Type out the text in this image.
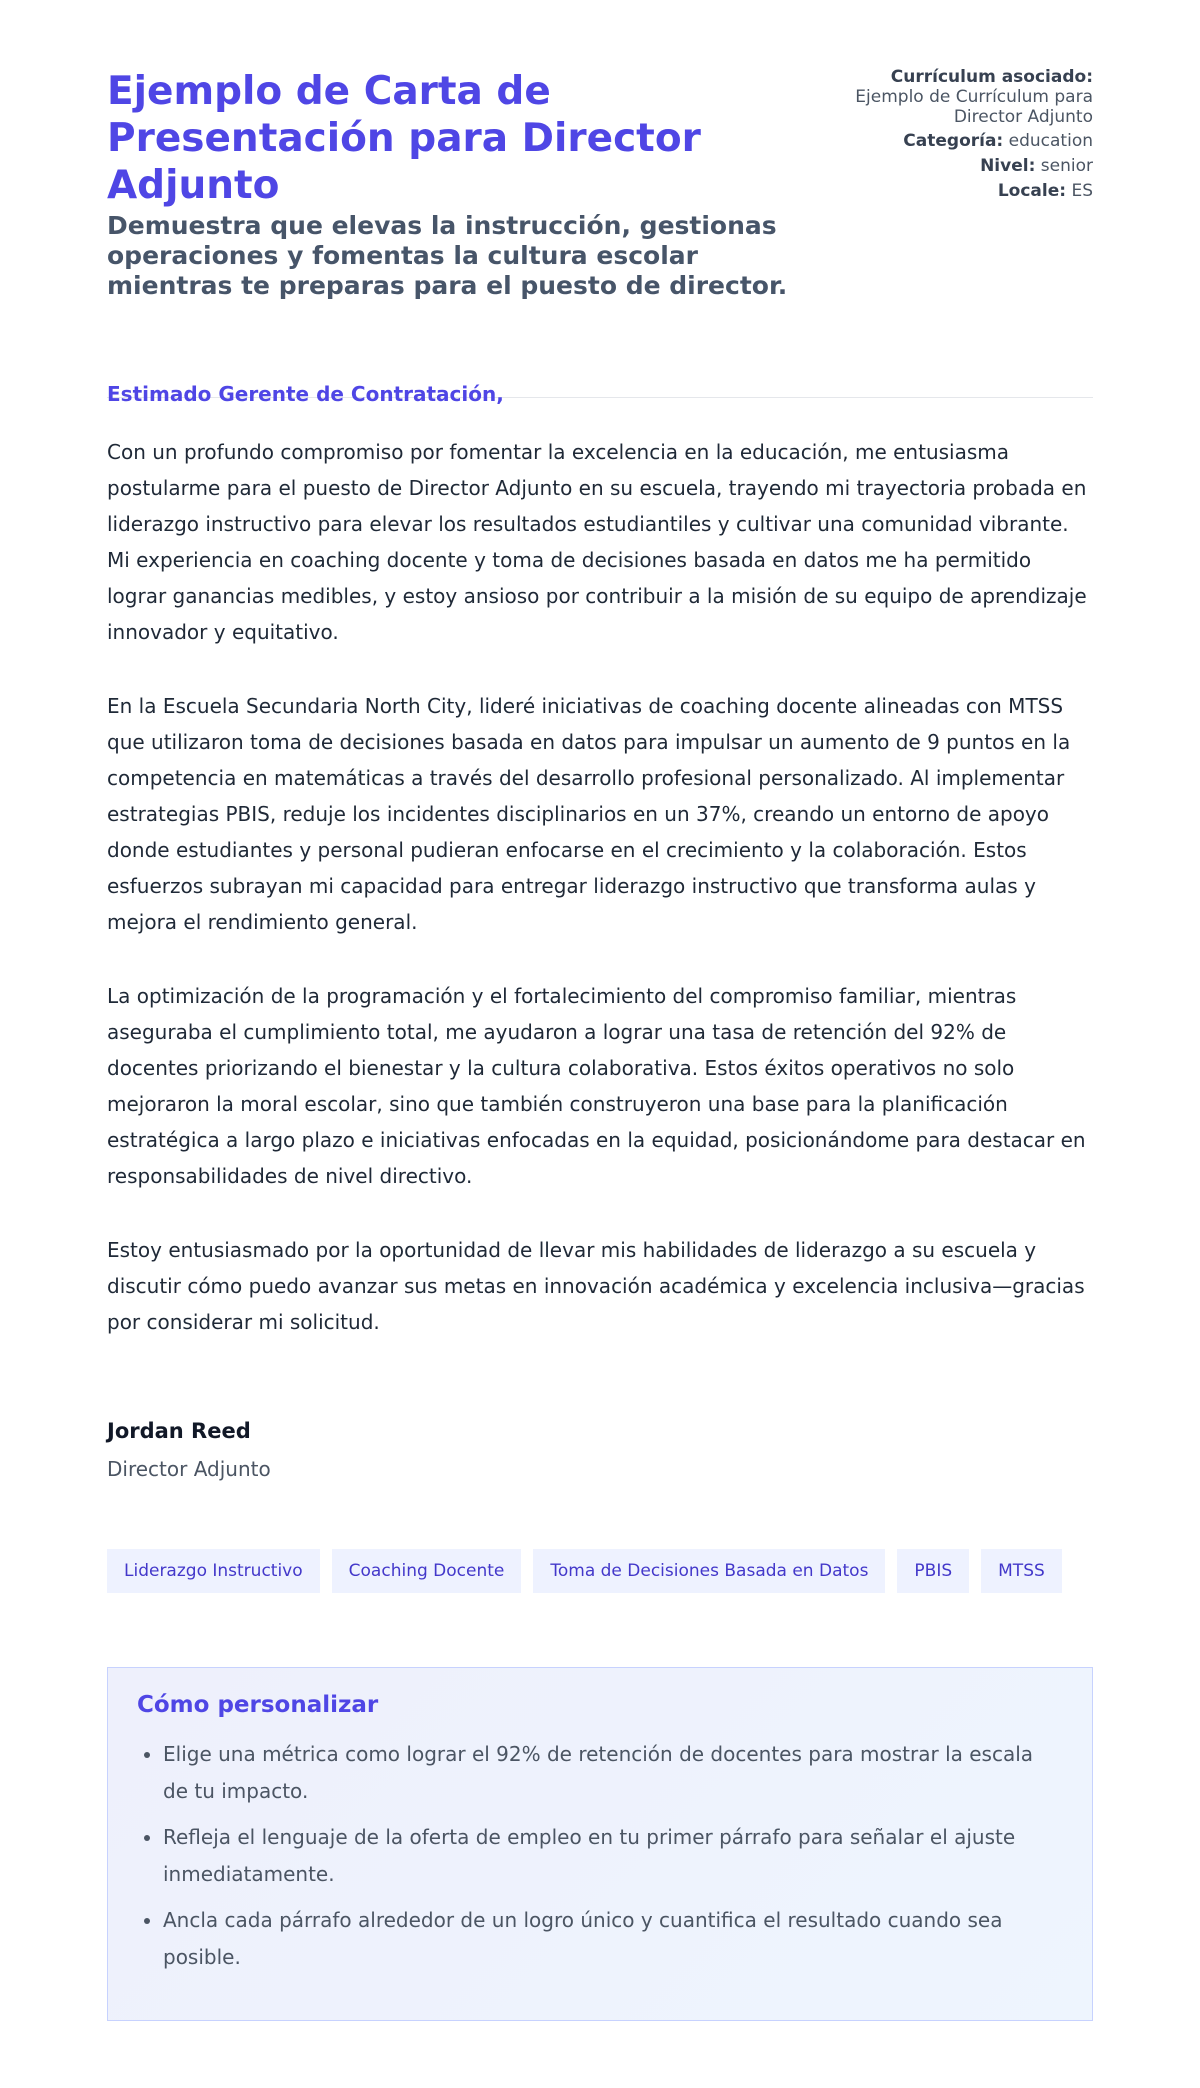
Ejemplo de Carta de Presentación para Director Adjunto
Demuestra que elevas la instrucción, gestionas operaciones y fomentas la cultura escolar mientras te preparas para el puesto de director.
Currículum asociado:
Ejemplo de Currículum para Director Adjunto
Categoría: education
Nivel: senior
Locale: ES

Estimado Gerente de Contratación,

Con un profundo compromiso por fomentar la excelencia en la educación, me entusiasma postularme para el puesto de Director Adjunto en su escuela, trayendo mi trayectoria probada en liderazgo instructivo para elevar los resultados estudiantiles y cultivar una comunidad vibrante. Mi experiencia en coaching docente y toma de decisiones basada en datos me ha permitido lograr ganancias medibles, y estoy ansioso por contribuir a la misión de su equipo de aprendizaje innovador y equitativo.

En la Escuela Secundaria North City, lideré iniciativas de coaching docente alineadas con MTSS que utilizaron toma de decisiones basada en datos para impulsar un aumento de 9 puntos en la competencia en matemáticas a través del desarrollo profesional personalizado. Al implementar estrategias PBIS, reduje los incidentes disciplinarios en un 37%, creando un entorno de apoyo donde estudiantes y personal pudieran enfocarse en el crecimiento y la colaboración. Estos esfuerzos subrayan mi capacidad para entregar liderazgo instructivo que transforma aulas y mejora el rendimiento general.

La optimización de la programación y el fortalecimiento del compromiso familiar, mientras aseguraba el cumplimiento total, me ayudaron a lograr una tasa de retención del 92% de docentes priorizando el bienestar y la cultura colaborativa. Estos éxitos operativos no solo mejoraron la moral escolar, sino que también construyeron una base para la planificación estratégica a largo plazo e iniciativas enfocadas en la equidad, posicionándome para destacar en responsabilidades de nivel directivo.

Estoy entusiasmado por la oportunidad de llevar mis habilidades de liderazgo a su escuela y discutir cómo puedo avanzar sus metas en innovación académica y excelencia inclusiva—gracias por considerar mi solicitud.

Jordan Reed
Director Adjunto
Liderazgo Instructivo	Coaching Docente	Toma de Decisiones Basada en Datos	PBIS	MTSS
Cómo personalizar
• Elige una métrica como lograr el 92% de retención de docentes para mostrar la escala de tu impacto.
• Refleja el lenguaje de la oferta de empleo en tu primer párrafo para señalar el ajuste inmediatamente.
• Ancla cada párrafo alrededor de un logro único y cuantifica el resultado cuando sea posible.
